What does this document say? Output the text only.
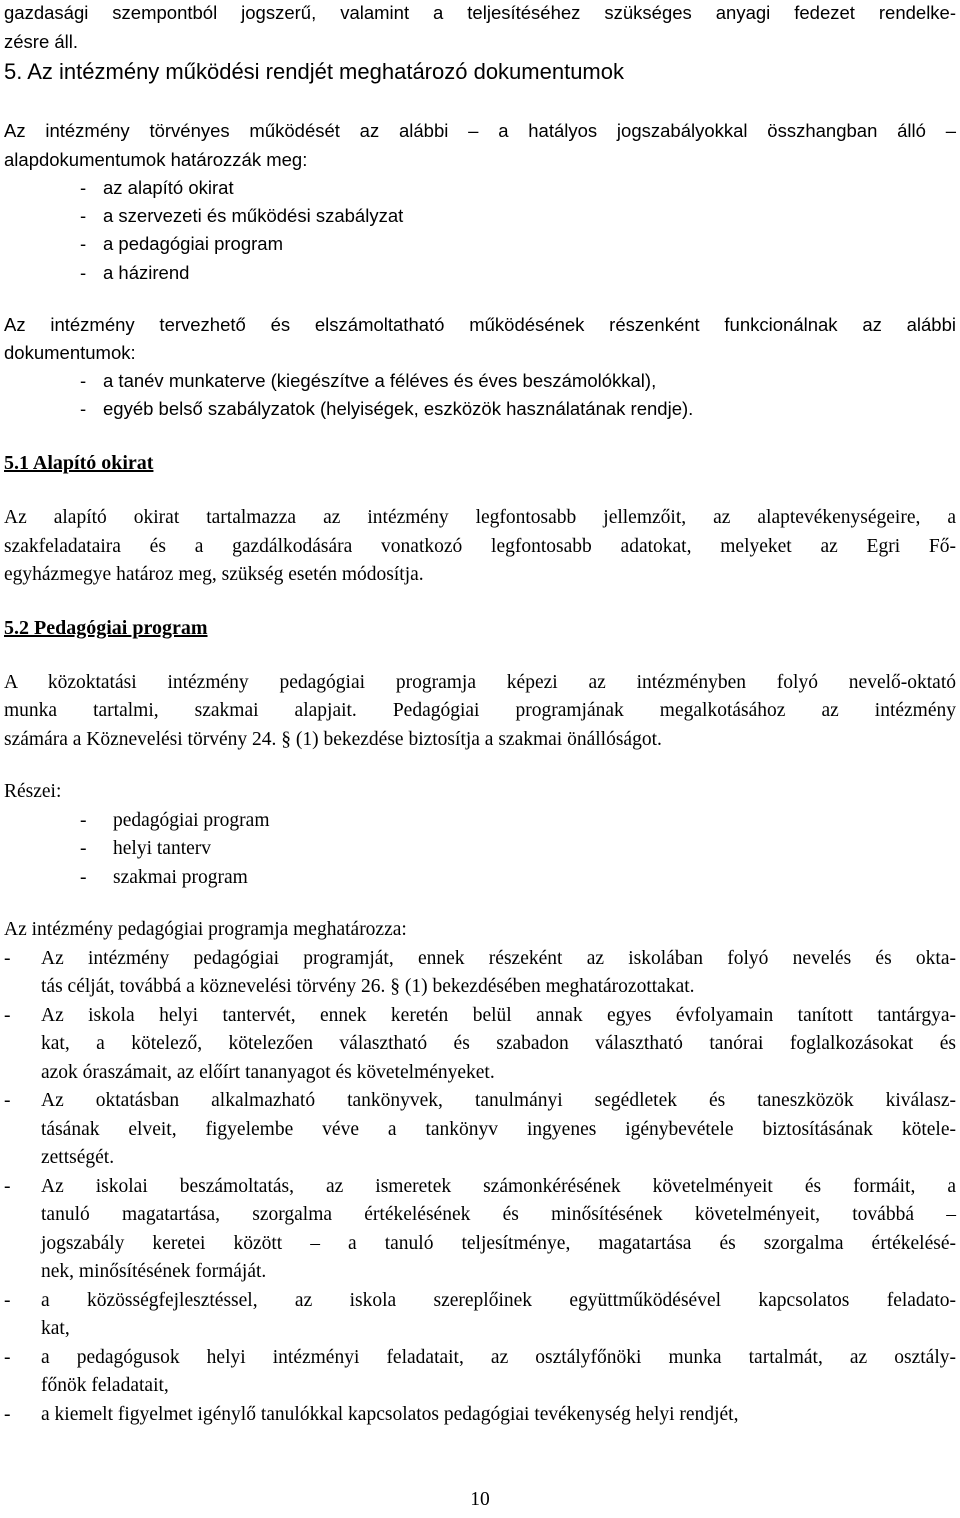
gazdasági szempontból jogszerű, valamint a teljesítéséhez szükséges anyagi fedezet rendelke-
zésre áll.
5. Az intézmény működési rendjét meghatározó dokumentumok
Az intézmény törvényes működését az alábbi – a hatályos jogszabályokkal összhangban álló –
alapdokumentumok határozzák meg:
- az alapító okirat
- a szervezeti és működési szabályzat
- a pedagógiai program
- a házirend
Az intézmény tervezhető és elszámoltatható működésének részenként funkcionálnak az alábbi
dokumentumok:
- a tanév munkaterve (kiegészítve a féléves és éves beszámolókkal),
- egyéb belső szabályzatok (helyiségek, eszközök használatának rendje).
5.1 Alapító okirat
Az alapító okirat tartalmazza az intézmény legfontosabb jellemzőit, az alaptevékenységeire, a
szakfeladataira és a gazdálkodására vonatkozó legfontosabb adatokat, melyeket az Egri Fő-
egyházmegye határoz meg, szükség esetén módosítja.
5.2 Pedagógiai program
A közoktatási intézmény pedagógiai programja képezi az intézményben folyó nevelő-oktató
munka tartalmi, szakmai alapjait. Pedagógiai programjának megalkotásához az intézmény
számára a Köznevelési törvény 24. § (1) bekezdése biztosítja a szakmai önállóságot.
Részei:
- pedagógiai program
- helyi tanterv
- szakmai program
Az intézmény pedagógiai programja meghatározza:
- Az intézmény pedagógiai programját, ennek részeként az iskolában folyó nevelés és okta-
tás célját, továbbá a köznevelési törvény 26. § (1) bekezdésében meghatározottakat.
- Az iskola helyi tantervét, ennek keretén belül annak egyes évfolyamain tanított tantárgya-
kat, a kötelező, kötelezően választható és szabadon választható tanórai foglalkozásokat és
azok óraszámait, az előírt tananyagot és követelményeket.
- Az oktatásban alkalmazható tankönyvek, tanulmányi segédletek és taneszközök kiválasz-
tásának elveit, figyelembe véve a tankönyv ingyenes igénybevétele biztosításának kötele-
zettségét.
- Az iskolai beszámoltatás, az ismeretek számonkérésének követelményeit és formáit, a
tanuló magatartása, szorgalma értékelésének és minősítésének követelményeit, továbbá –
jogszabály keretei között – a tanuló teljesítménye, magatartása és szorgalma értékelésé-
nek, minősítésének formáját.
- a közösségfejlesztéssel, az iskola szereplőinek együttműködésével kapcsolatos feladato-
kat,
- a pedagógusok helyi intézményi feladatait, az osztályfőnöki munka tartalmát, az osztály-
főnök feladatait,
- a kiemelt figyelmet igénylő tanulókkal kapcsolatos pedagógiai tevékenység helyi rendjét,
10
